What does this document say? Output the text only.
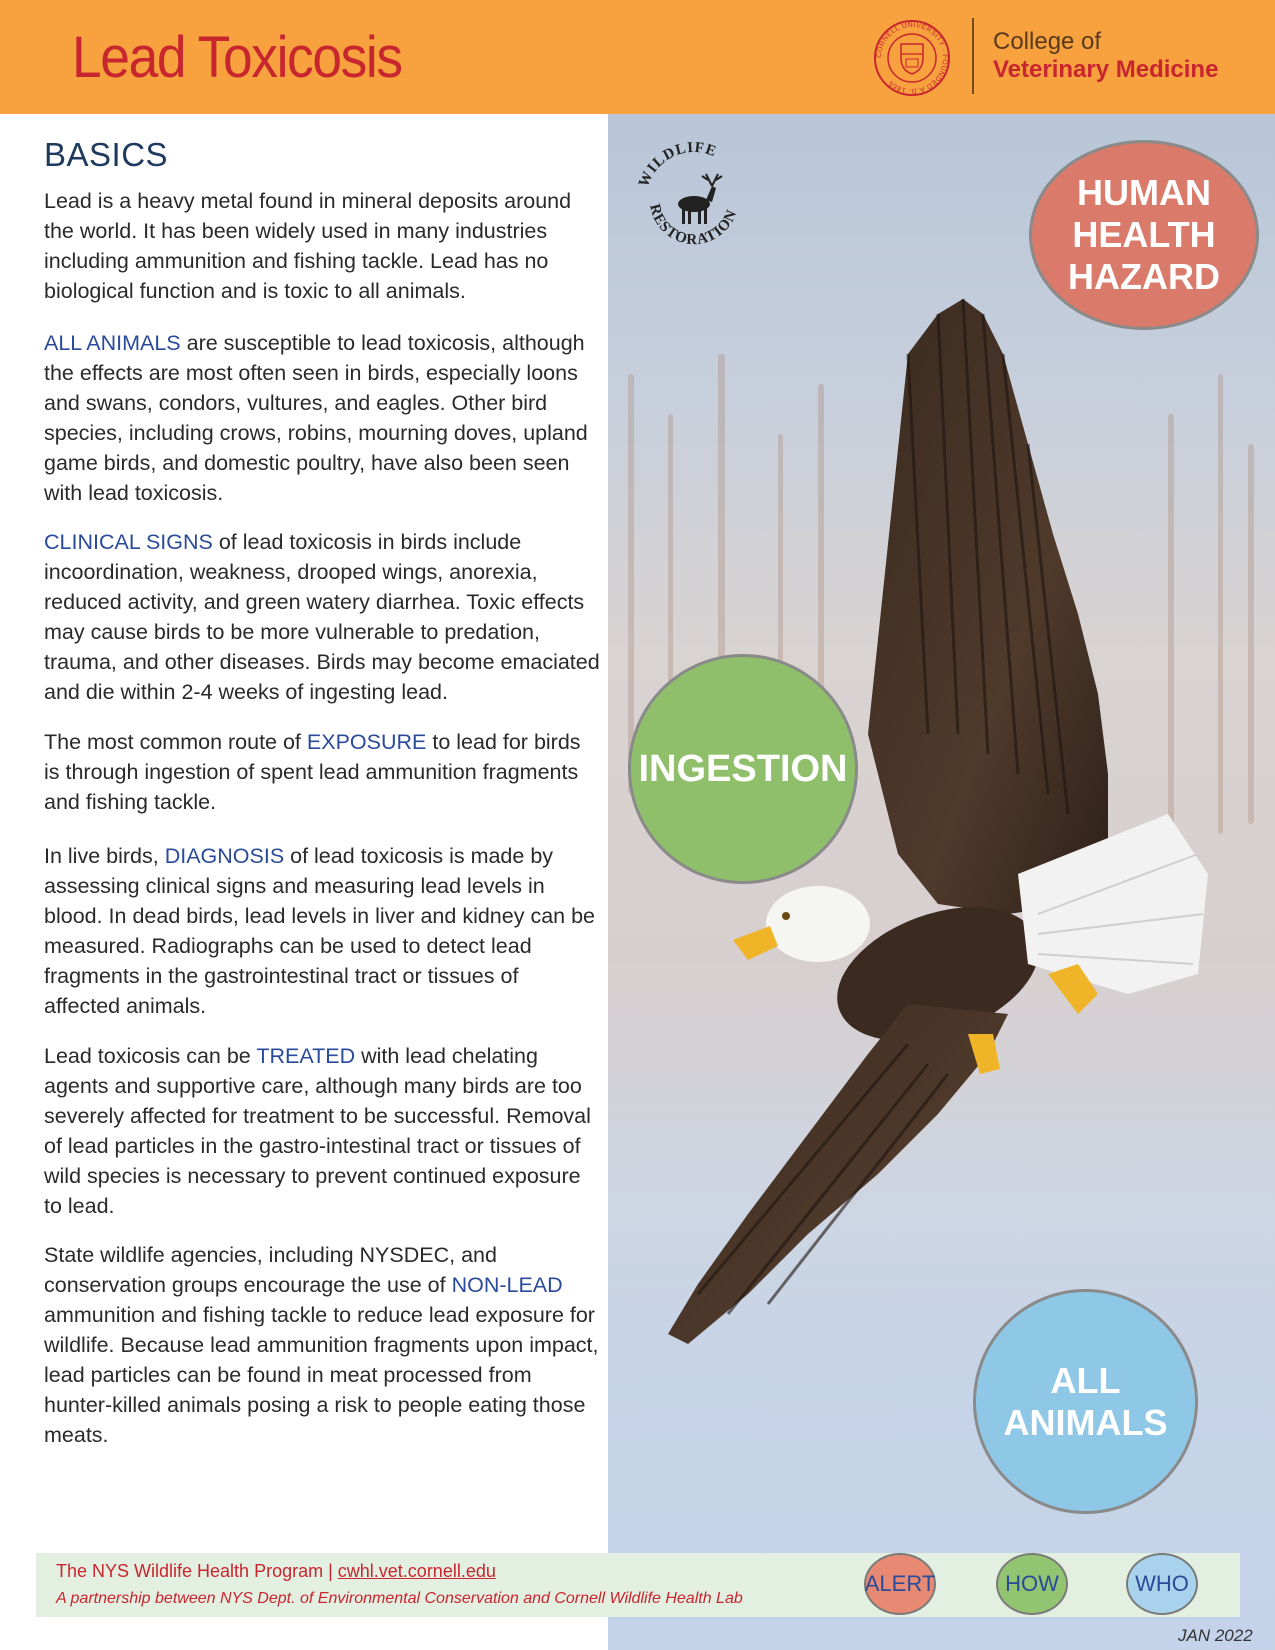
Lead Toxicosis	CORNELL UNIVERSITY · FOUNDED A.D. 1865
College of
Veterinary Medicine
BASICS

Lead is a heavy metal found in mineral deposits around the world. It has been widely used in many industries including ammunition and fishing tackle. Lead has no biological function and is toxic to all animals.

ALL ANIMALS are susceptible to lead toxicosis, although the effects are most often seen in birds, especially loons and swans, condors, vultures, and eagles. Other bird species, including crows, robins, mourning doves, upland game birds, and domestic poultry, have also been seen with lead toxicosis.

CLINICAL SIGNS of lead toxicosis in birds include incoordination, weakness, drooped wings, anorexia, reduced activity, and green watery diarrhea. Toxic effects may cause birds to be more vulnerable to predation, trauma, and other diseases. Birds may become emaciated and die within 2-4 weeks of ingesting lead.

The most common route of EXPOSURE to lead for birds is through ingestion of spent lead ammunition fragments and fishing tackle.

In live birds, DIAGNOSIS of lead toxicosis is made by assessing clinical signs and measuring lead levels in blood. In dead birds, lead levels in liver and kidney can be measured. Radiographs can be used to detect lead fragments in the gastrointestinal tract or tissues of affected animals.

Lead toxicosis can be TREATED with lead chelating agents and supportive care, although many birds are too severely affected for treatment to be successful. Removal of lead particles in the gastro-intestinal tract or tissues of wild species is necessary to prevent continued exposure to lead.

State wildlife agencies, including NYSDEC, and conservation groups encourage the use of NON-LEAD ammunition and fishing tackle to reduce lead exposure for wildlife. Because lead ammunition fragments upon impact, lead particles can be found in meat processed from hunter-killed animals posing a risk to people eating those meats.

WILDLIFE
RESTORATION
HUMAN
HEALTH
HAZARD
INGESTION
ALL
ANIMALS
The NYS Wildlife Health Program | cwhl.vet.cornell.edu
A partnership between NYS Dept. of Environmental Conservation and Cornell Wildlife Health Lab
ALERT	HOW	WHO
JAN 2022
